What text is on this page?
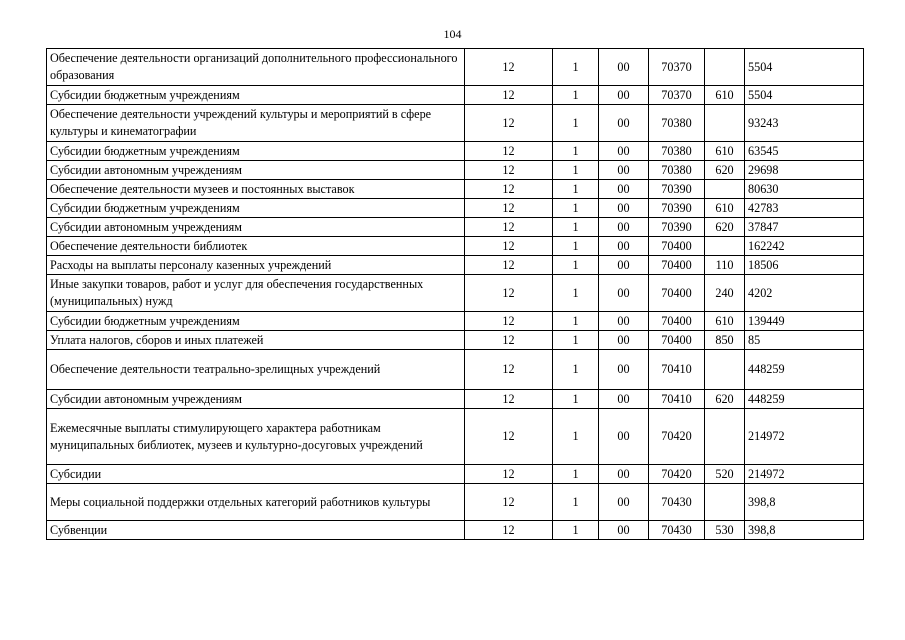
104
Обеспечение деятельности организаций дополнительного профессионального образования	12	1	00	70370		5504
Субсидии бюджетным учреждениям	12	1	00	70370	610	5504
Обеспечение деятельности учреждений культуры и мероприятий в сфере культуры и кинематографии	12	1	00	70380		93243
Субсидии бюджетным учреждениям	12	1	00	70380	610	63545
Субсидии автономным учреждениям	12	1	00	70380	620	29698
Обеспечение деятельности музеев и постоянных выставок	12	1	00	70390		80630
Субсидии бюджетным учреждениям	12	1	00	70390	610	42783
Субсидии автономным учреждениям	12	1	00	70390	620	37847
Обеспечение деятельности библиотек	12	1	00	70400		162242
Расходы на выплаты персоналу казенных учреждений	12	1	00	70400	110	18506
Иные закупки товаров, работ и услуг для обеспечения государственных (муниципальных) нужд	12	1	00	70400	240	4202
Субсидии бюджетным учреждениям	12	1	00	70400	610	139449
Уплата налогов, сборов и иных платежей	12	1	00	70400	850	85
Обеспечение деятельности театрально-зрелищных учреждений	12	1	00	70410		448259
Субсидии автономным учреждениям	12	1	00	70410	620	448259
Ежемесячные выплаты стимулирующего характера работникам муниципальных библиотек, музеев и культурно-досуговых учреждений	12	1	00	70420		214972
Субсидии	12	1	00	70420	520	214972
Меры социальной поддержки отдельных категорий работников культуры	12	1	00	70430		398,8
Субвенции	12	1	00	70430	530	398,8
